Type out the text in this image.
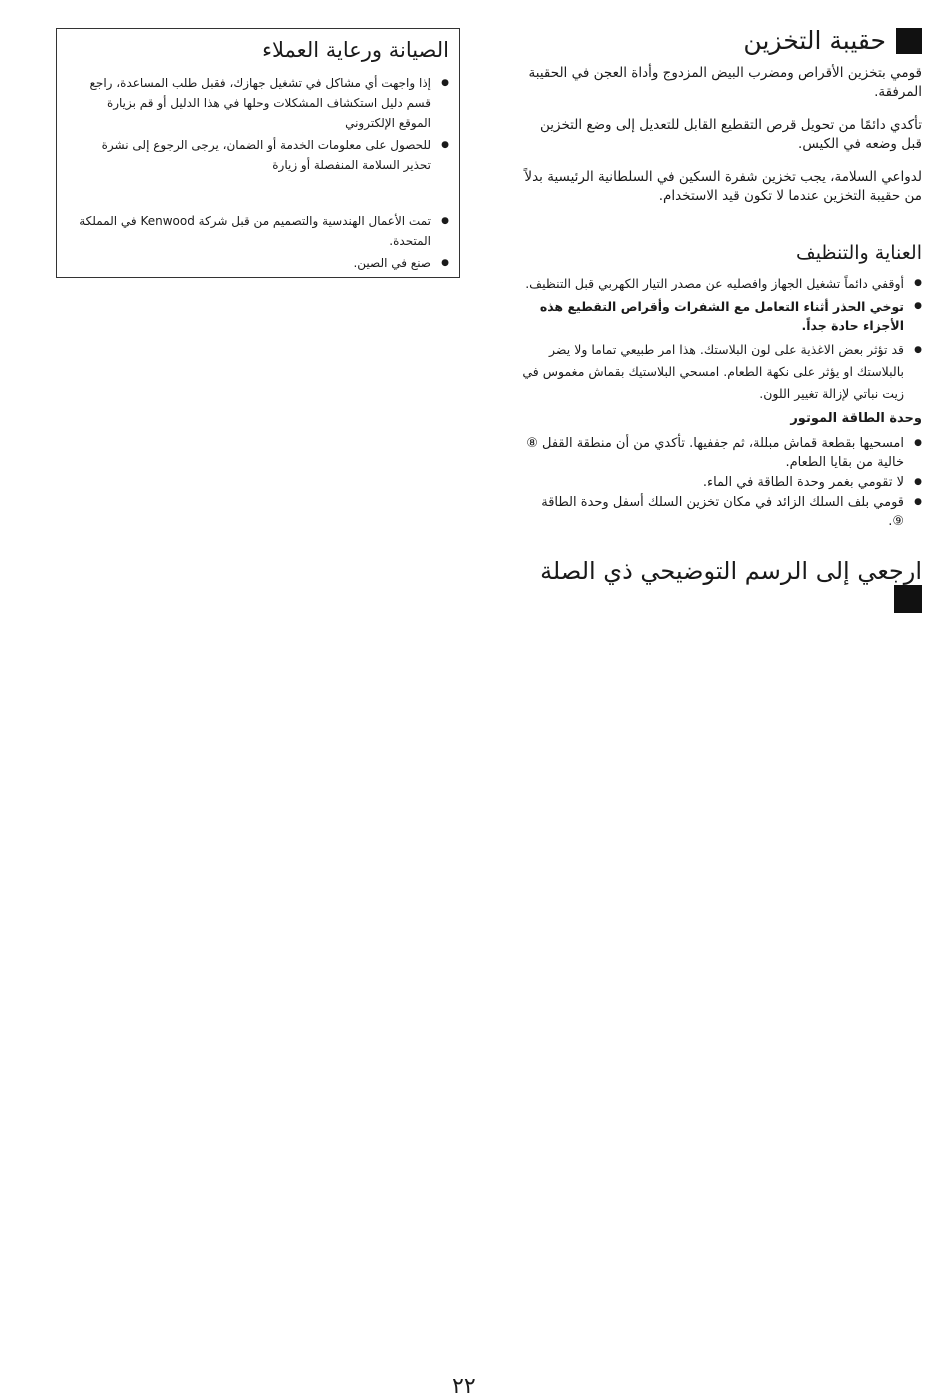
حقيبة التخزين

قومي بتخزين الأقراص ومضرب البيض المزدوج وأداة العجن في الحقيبة المرفقة.

تأكدي دائمًا من تحويل قرص التقطيع القابل للتعديل إلى وضع التخزين قبل وضعه في الكيس.

لدواعي السلامة، يجب تخزين شفرة السكين في السلطانية الرئيسية بدلاً من حقيبة التخزين عندما لا تكون قيد الاستخدام.

العناية والتنظيف
● أوقفي دائماً تشغيل الجهاز وافصليه عن مصدر التيار الكهربي قبل التنظيف.
● توخي الحذر أثناء التعامل مع الشفرات وأقراص التقطيع هذه الأجزاء حادة جداً.
● قد تؤثر بعض الاغذية على لون البلاستك. هذا امر طبيعي تماما ولا يضر بالبلاستك او يؤثر على نكهة الطعام. امسحي البلاستيك بقماش مغموس في زيت نباتي لإزالة تغيير اللون.
وحدة الطاقة الموتور
● امسحيها بقطعة قماش مبللة، ثم جففيها. تأكدي من أن منطقة القفل ⑧ خالية من بقايا الطعام.
● لا تقومي بغمر وحدة الطاقة في الماء.
● قومي بلف السلك الزائد في مكان تخزين السلك أسفل وحدة الطاقة ⑨.
ارجعي إلى الرسم التوضيحي ذي الصلة
الصيانة ورعاية العملاء
● إذا واجهت أي مشاكل في تشغيل جهازك، فقبل طلب المساعدة، راجع قسم دليل استكشاف المشكلات وحلها في هذا الدليل أو قم بزيارة الموقع الإلكتروني
● للحصول على معلومات الخدمة أو الضمان، يرجى الرجوع إلى نشرة تحذير السلامة المنفصلة أو زيارة
● تمت الأعمال الهندسية والتصميم من قبل شركة Kenwood في المملكة المتحدة.
● صنع في الصين.
٢٢
